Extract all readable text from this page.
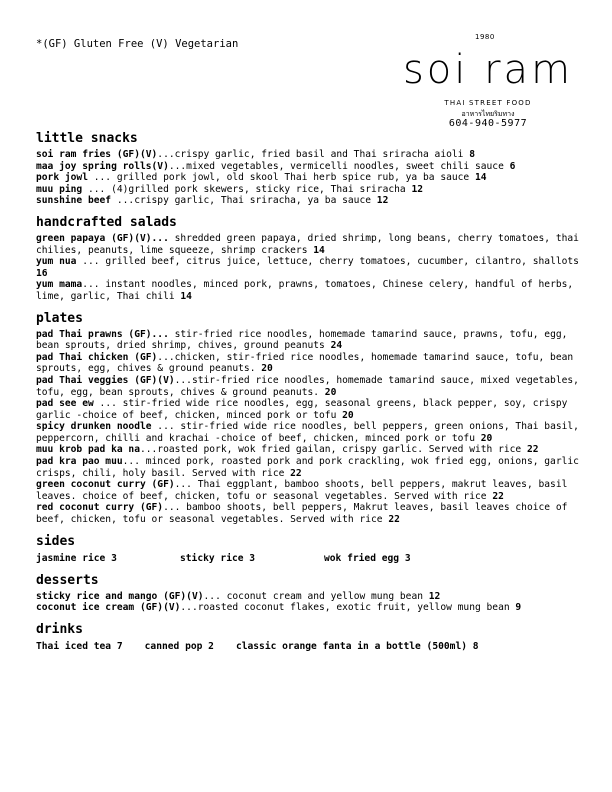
*(GF) Gluten Free (V) Vegetarian
1980
soi ram
THAI STREET FOOD
อาหารไทยริมทาง
604-940-5977
little snacks

soi ram fries (GF)(V)...crispy garlic, fried basil and Thai sriracha aioli 8

maa joy spring rolls(V)...mixed vegetables, vermicelli noodles, sweet chili sauce 6

pork jowl ... grilled pork jowl, old skool Thai herb spice rub, ya ba sauce 14

muu ping ... (4)grilled pork skewers, sticky rice, Thai sriracha 12

sunshine beef ...crispy garlic, Thai sriracha, ya ba sauce 12

handcrafted salads

green papaya (GF)(V)... shredded green papaya, dried shrimp, long beans, cherry tomatoes, thai chilies, peanuts, lime squeeze, shrimp crackers 14

yum nua ... grilled beef, citrus juice, lettuce, cherry tomatoes, cucumber, cilantro, shallots 16

yum mama... instant noodles, minced pork, prawns, tomatoes, Chinese celery, handful of herbs, lime, garlic, Thai chili 14

plates

pad Thai prawns (GF)... stir-fried rice noodles, homemade tamarind sauce, prawns, tofu, egg, bean sprouts, dried shrimp, chives, ground peanuts 24

pad Thai chicken (GF)...chicken, stir-fried rice noodles, homemade tamarind sauce, tofu, bean sprouts, egg, chives & ground peanuts. 20

pad Thai veggies (GF)(V)...stir-fried rice noodles, homemade tamarind sauce, mixed vegetables, tofu, egg, bean sprouts, chives & ground peanuts. 20

pad see ew ... stir-fried wide rice noodles, egg, seasonal greens, black pepper, soy, crispy garlic -choice of beef, chicken, minced pork or tofu 20

spicy drunken noodle ... stir-fried wide rice noodles, bell peppers, green onions, Thai basil, peppercorn, chilli and krachai -choice of beef, chicken, minced pork or tofu 20

muu krob pad ka na...roasted pork, wok fried gailan, crispy garlic. Served with rice 22

pad kra pao muu... minced pork, roasted pork and pork crackling, wok fried egg, onions, garlic crisps, chili, holy basil. Served with rice 22

green coconut curry (GF)... Thai eggplant, bamboo shoots, bell peppers, makrut leaves, basil leaves. choice of beef, chicken, tofu or seasonal vegetables. Served with rice 22

red coconut curry (GF)... bamboo shoots, bell peppers, Makrut leaves, basil leaves choice of beef, chicken, tofu or seasonal vegetables. Served with rice 22

sides
jasmine rice 3	sticky rice 3	wok fried egg 3
desserts

sticky rice and mango (GF)(V)... coconut cream and yellow mung bean 12

coconut ice cream (GF)(V)...roasted coconut flakes, exotic fruit, yellow mung bean 9

drinks
Thai iced tea 7 canned pop 2 classic orange fanta in a bottle (500ml) 8
